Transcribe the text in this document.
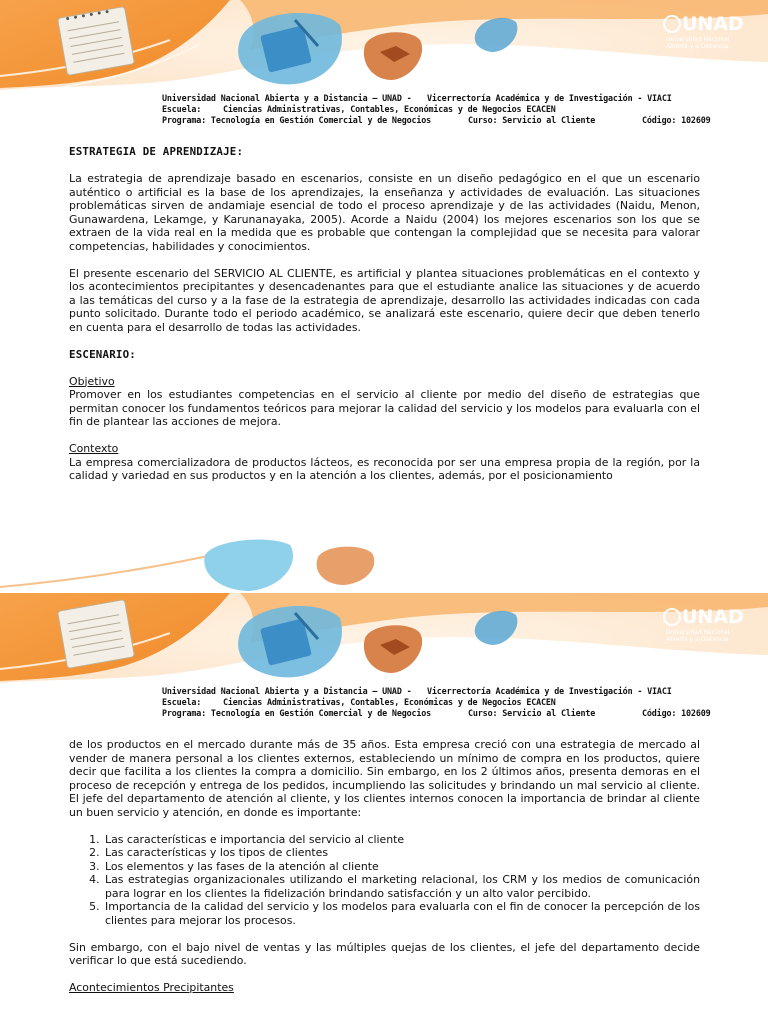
UNAD
Universidad Nacional
Abierta y a Distancia
Universidad Nacional Abierta y a Distancia – UNAD - Vicerrectoría Académica y de Investigación - VIACI
Escuela:	Ciencias Administrativas, Contables, Económicas y de Negocios ECACEN
Programa: Tecnología en Gestión Comercial y de Negocios	Curso: Servicio al Cliente	Código: 102609
ESTRATEGIA DE APRENDIZAJE:

La estrategia de aprendizaje basado en escenarios, consiste en un diseño pedagógico en el que un escenario auténtico o artificial es la base de los aprendizajes, la enseñanza y actividades de evaluación. Las situaciones problemáticas sirven de andamiaje esencial de todo el proceso aprendizaje y de las actividades (Naidu, Menon, Gunawardena, Lekamge, y Karunanayaka, 2005). Acorde a Naidu (2004) los mejores escenarios son los que se extraen de la vida real en la medida que es probable que contengan la complejidad que se necesita para valorar competencias, habilidades y conocimientos.

El presente escenario del SERVICIO AL CLIENTE, es artificial y plantea situaciones problemáticas en el contexto y los acontecimientos precipitantes y desencadenantes para que el estudiante analice las situaciones y de acuerdo a las temáticas del curso y a la fase de la estrategia de aprendizaje, desarrollo las actividades indicadas con cada punto solicitado. Durante todo el periodo académico, se analizará este escenario, quiere decir que deben tenerlo en cuenta para el desarrollo de todas las actividades.

ESCENARIO:
Objetivo

Promover en los estudiantes competencias en el servicio al cliente por medio del diseño de estrategias que permitan conocer los fundamentos teóricos para mejorar la calidad del servicio y los modelos para evaluarla con el fin de plantear las acciones de mejora.

Contexto

La empresa comercializadora de productos lácteos, es reconocida por ser una empresa propia de la región, por la calidad y variedad en sus productos y en la atención a los clientes, además, por el posicionamiento

UNAD
Universidad Nacional
Abierta y a Distancia
Universidad Nacional Abierta y a Distancia – UNAD - Vicerrectoría Académica y de Investigación - VIACI
Escuela:	Ciencias Administrativas, Contables, Económicas y de Negocios ECACEN
Programa: Tecnología en Gestión Comercial y de Negocios	Curso: Servicio al Cliente	Código: 102609

de los productos en el mercado durante más de 35 años. Esta empresa creció con una estrategia de mercado al vender de manera personal a los clientes externos, estableciendo un mínimo de compra en los productos, quiere decir que facilita a los clientes la compra a domicilio. Sin embargo, en los 2 últimos años, presenta demoras en el proceso de recepción y entrega de los pedidos, incumpliendo las solicitudes y brindando un mal servicio al cliente. El jefe del departamento de atención al cliente, y los clientes internos conocen la importancia de brindar al cliente un buen servicio y atención, en donde es importante:

1. Las características e importancia del servicio al cliente
2. Las características y los tipos de clientes
3. Los elementos y las fases de la atención al cliente
4. Las estrategias organizacionales utilizando el marketing relacional, los CRM y los medios de comunicación para lograr en los clientes la fidelización brindando satisfacción y un alto valor percibido.
5. Importancia de la calidad del servicio y los modelos para evaluarla con el fin de conocer la percepción de los clientes para mejorar los procesos.

Sin embargo, con el bajo nivel de ventas y las múltiples quejas de los clientes, el jefe del departamento decide verificar lo que está sucediendo.

Acontecimientos Precipitantes
